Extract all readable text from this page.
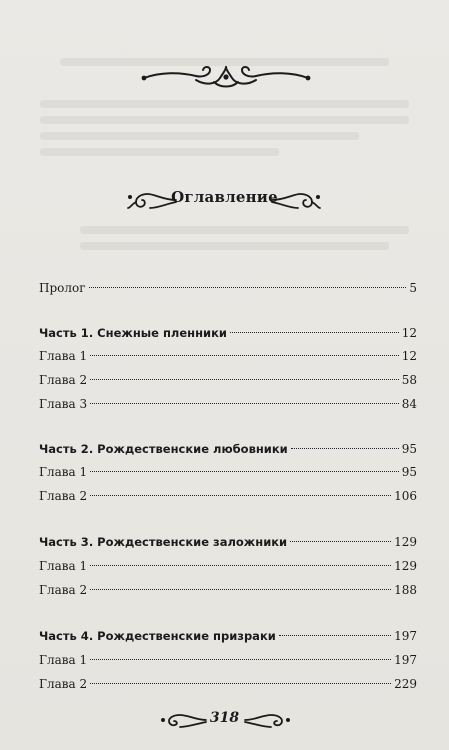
Оглавление
Пролог	5
Часть 1. Снежные пленники	12
Глава 1	12
Глава 2	58
Глава 3	84
Часть 2. Рождественские любовники	95
Глава 1	95
Глава 2	106
Часть 3. Рождественские заложники	129
Глава 1	129
Глава 2	188
Часть 4. Рождественские призраки	197
Глава 1	197
Глава 2	229
318
